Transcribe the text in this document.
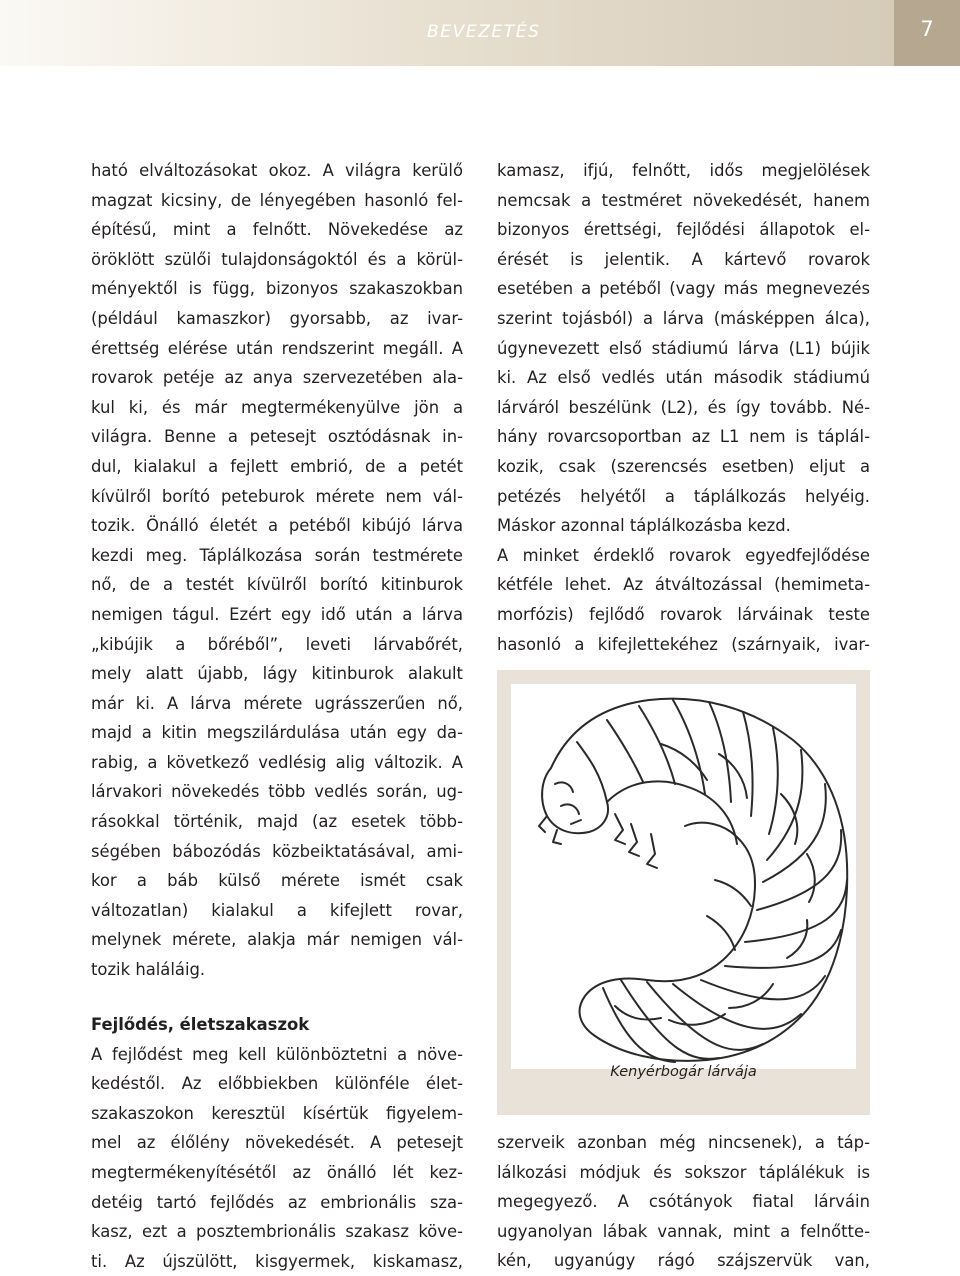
BEVEZETÉS	7

ható elváltozásokat okoz. A világra kerülő
magzat kicsiny, de lényegében hasonló fel-
építésű, mint a felnőtt. Növekedése az
öröklött szülői tulajdonságoktól és a körül-
ményektől is függ, bizonyos szakaszokban
(például kamaszkor) gyorsabb, az ivar-
érettség elérése után rendszerint megáll. A
rovarok petéje az anya szervezetében ala-
kul ki, és már megtermékenyülve jön a
világra. Benne a petesejt osztódásnak in-
dul, kialakul a fejlett embrió, de a petét
kívülről borító peteburok mérete nem vál-
tozik. Önálló életét a petéből kibújó lárva
kezdi meg. Táplálkozása során testmérete
nő, de a testét kívülről borító kitinburok
nemigen tágul. Ezért egy idő után a lárva
„kibújik a bőréből”, leveti lárvabőrét,
mely alatt újabb, lágy kitinburok alakult
már ki. A lárva mérete ugrásszerűen nő,
majd a kitin megszilárdulása után egy da-
rabig, a következő vedlésig alig változik. A
lárvakori növekedés több vedlés során, ug-
rásokkal történik, majd (az esetek több-
ségében bábozódás közbeiktatásával, ami-
kor a báb külső mérete ismét csak
változatlan) kialakul a kifejlett rovar,
melynek mérete, alakja már nemigen vál-
tozik haláláig.

Fejlődés, életszakaszok

A fejlődést meg kell különböztetni a növe-
kedéstől. Az előbbiekben különféle élet-
szakaszokon keresztül kísértük figyelem-
mel az élőlény növekedését. A petesejt
megtermékenyítésétől az önálló lét kez-
detéig tartó fejlődés az embrionális sza-
kasz, ezt a posztembrionális szakasz köve-
ti. Az újszülött, kisgyermek, kiskamasz,

kamasz, ifjú, felnőtt, idős megjelölések
nemcsak a testméret növekedését, hanem
bizonyos érettségi, fejlődési állapotok el-
érését is jelentik. A kártevő rovarok
esetében a petéből (vagy más megnevezés
szerint tojásból) a lárva (másképpen álca),
úgynevezett első stádiumú lárva (L1) bújik
ki. Az első vedlés után második stádiumú
lárváról beszélünk (L2), és így tovább. Né-
hány rovarcsoportban az L1 nem is táplál-
kozik, csak (szerencsés esetben) eljut a
petézés helyétől a táplálkozás helyéig.
Máskor azonnal táplálkozásba kezd.
A minket érdeklő rovarok egyedfejlődése
kétféle lehet. Az átváltozással (hemimeta-
morfózis) fejlődő rovarok lárváinak teste
hasonló a kifejlettekéhez (szárnyaik, ivar-

Kenyérbogár lárvája

szerveik azonban még nincsenek), a táp-
lálkozási módjuk és sokszor táplálékuk is
megegyező. A csótányok fiatal lárváin
ugyanolyan lábak vannak, mint a felnőtte-
kén, ugyanúgy rágó szájszervük van,
